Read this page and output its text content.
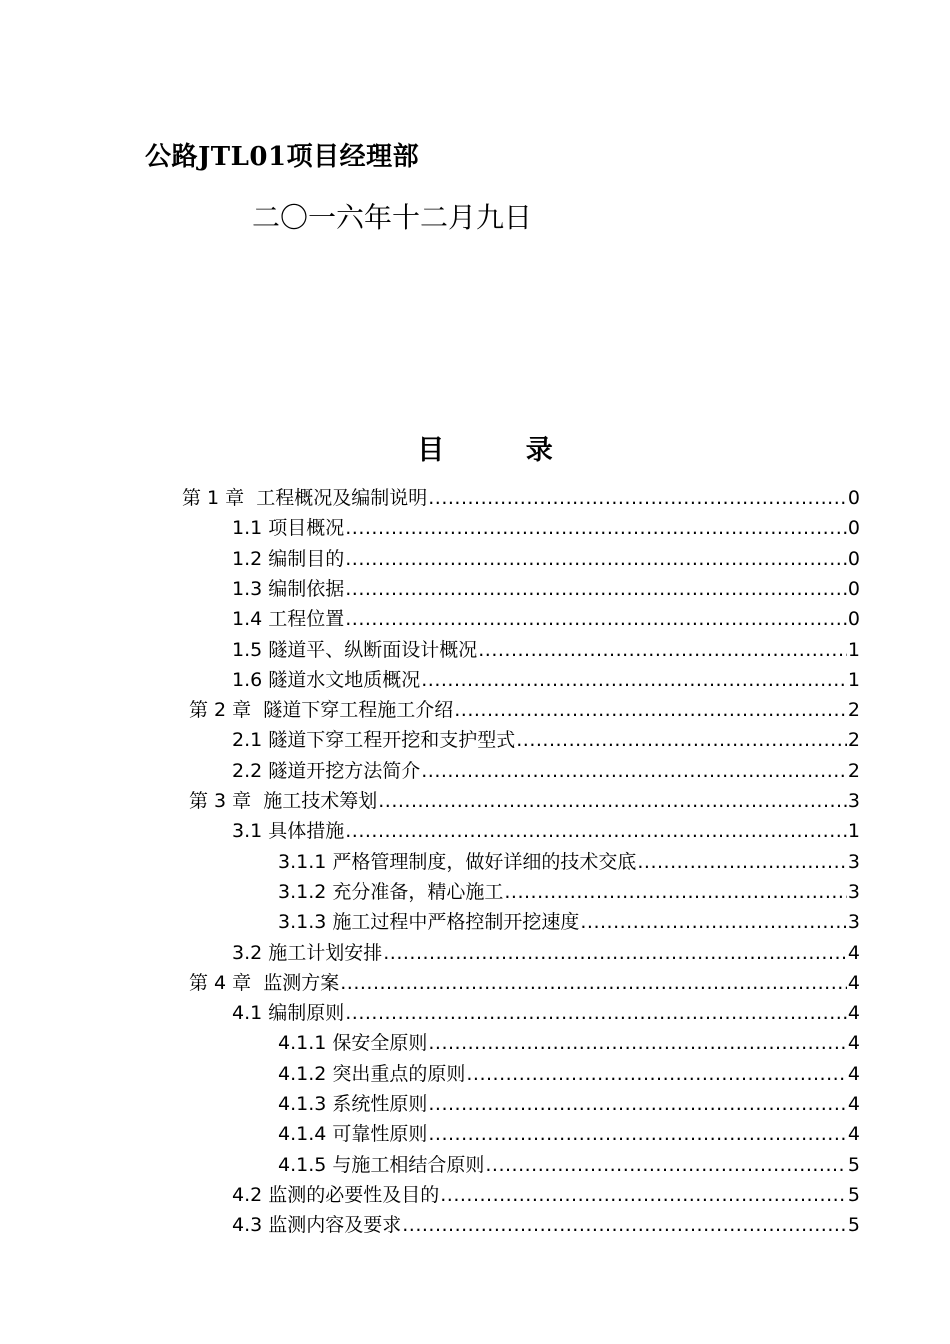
公路JTL01项目经理部
二〇一六年十二月九日
目 录
第 1 章  工程概况及编制说明 .....	0
1.1 项目概况 .....	0
1.2 编制目的 .....	0
1.3 编制依据 .....	0
1.4 工程位置 .....	0
1.5 隧道平、纵断面设计概况 .....	1
1.6 隧道水文地质概况 .....	1
第 2 章  隧道下穿工程施工介绍 .....	2
2.1 隧道下穿工程开挖和支护型式 .....	2
2.2 隧道开挖方法简介 .....	2
第 3 章  施工技术筹划 .....	3
3.1 具体措施 .....	1
3.1.1 严格管理制度，做好详细的技术交底 .....	3
3.1.2 充分准备，精心施工 .....	3
3.1.3 施工过程中严格控制开挖速度 .....	3
3.2 施工计划安排 .....	4
第 4 章  监测方案 .....	4
4.1 编制原则 .....	4
4.1.1 保安全原则 .....	4
4.1.2 突出重点的原则 .....	4
4.1.3 系统性原则 .....	4
4.1.4 可靠性原则 .....	4
4.1.5 与施工相结合原则 .....	5
4.2 监测的必要性及目的 .....	5
4.3 监测内容及要求 .....	5
